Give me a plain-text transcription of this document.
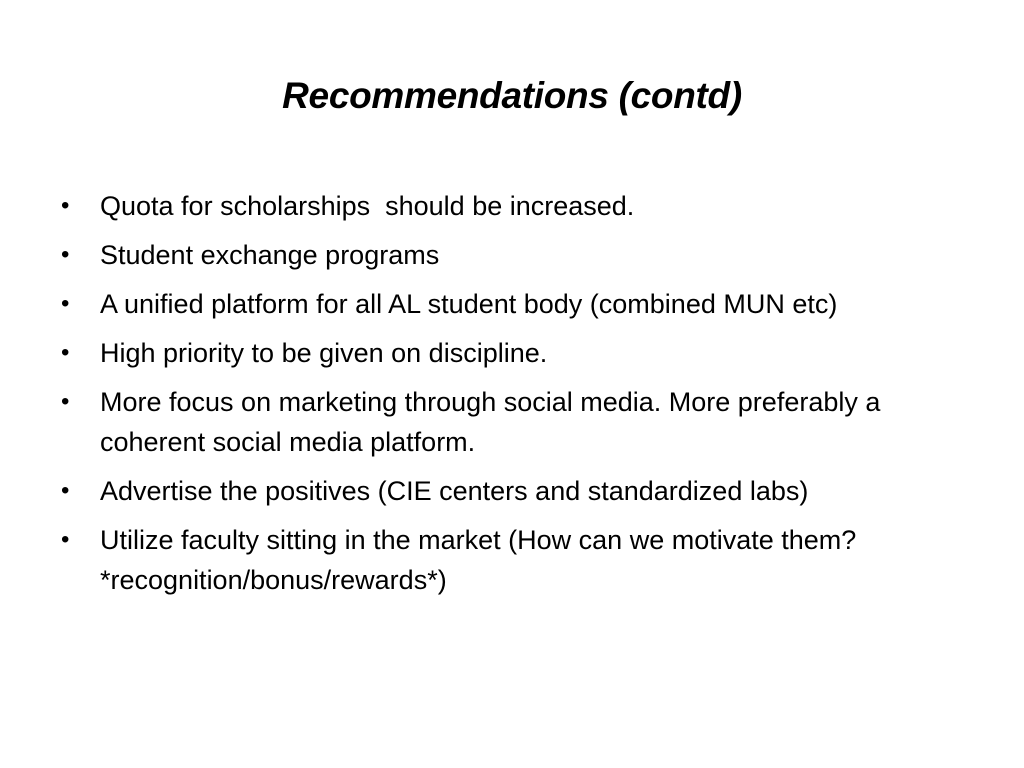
Recommendations (contd)
• Quota for scholarships  should be increased.
• Student exchange programs
• A unified platform for all AL student body (combined MUN etc)
• High priority to be given on discipline.
• More focus on marketing through social media. More preferably a coherent social media platform.
• Advertise the positives (CIE centers and standardized labs)
• Utilize faculty sitting in the market (How can we motivate them? *recognition/bonus/rewards*)
